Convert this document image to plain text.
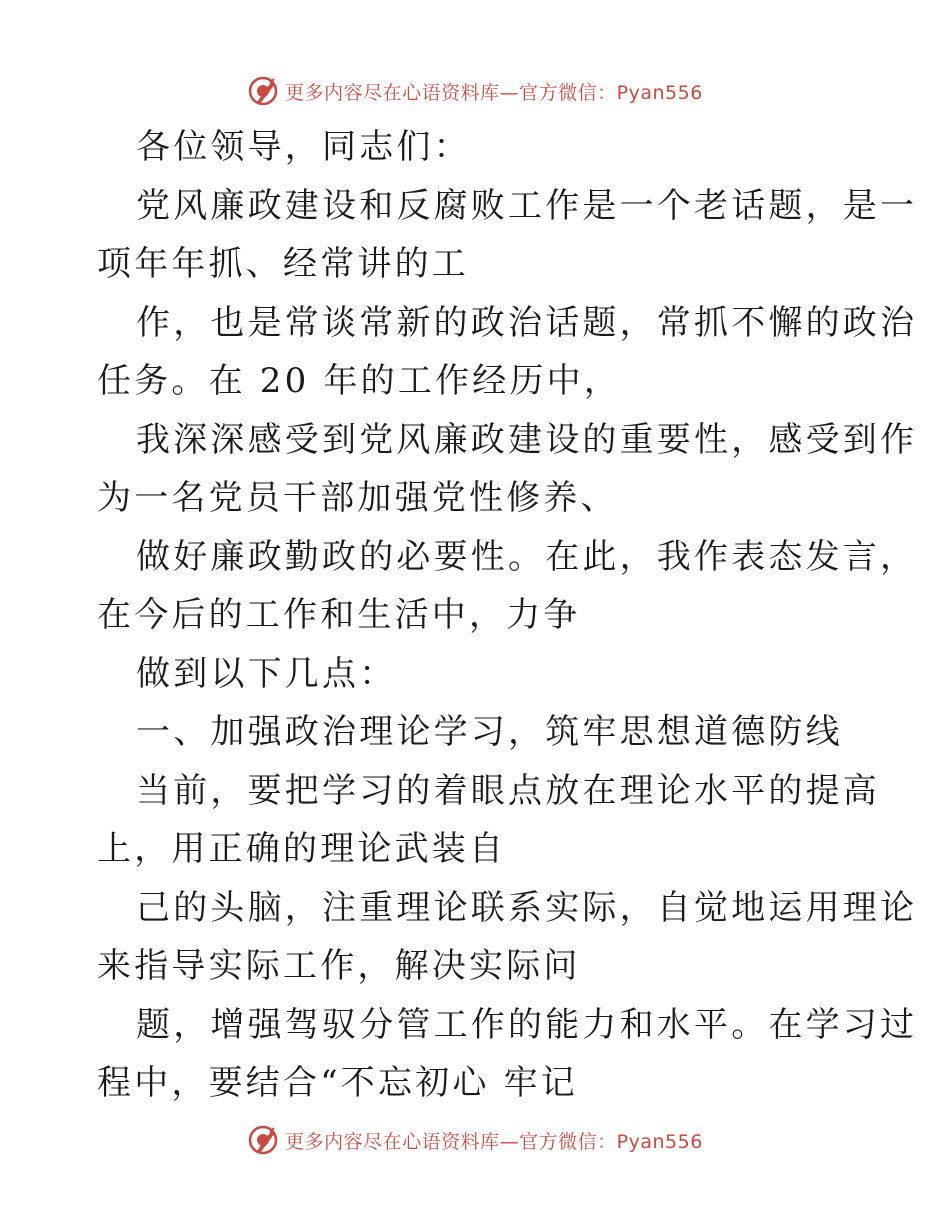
更多内容尽在心语资料库—官方微信：Pyan556
各位领导，同志们：
党风廉政建设和反腐败工作是一个老话题，是一
项年年抓、经常讲的工
作，也是常谈常新的政治话题，常抓不懈的政治
任务。在 20 年的工作经历中，
我深深感受到党风廉政建设的重要性，感受到作
为一名党员干部加强党性修养、
做好廉政勤政的必要性。在此，我作表态发言，
在今后的工作和生活中，力争
做到以下几点：
一、加强政治理论学习，筑牢思想道德防线
当前，要把学习的着眼点放在理论水平的提高
上，用正确的理论武装自
己的头脑，注重理论联系实际，自觉地运用理论
来指导实际工作，解决实际问
题，增强驾驭分管工作的能力和水平。在学习过
程中，要结合“不忘初心 牢记
更多内容尽在心语资料库—官方微信：Pyan556
